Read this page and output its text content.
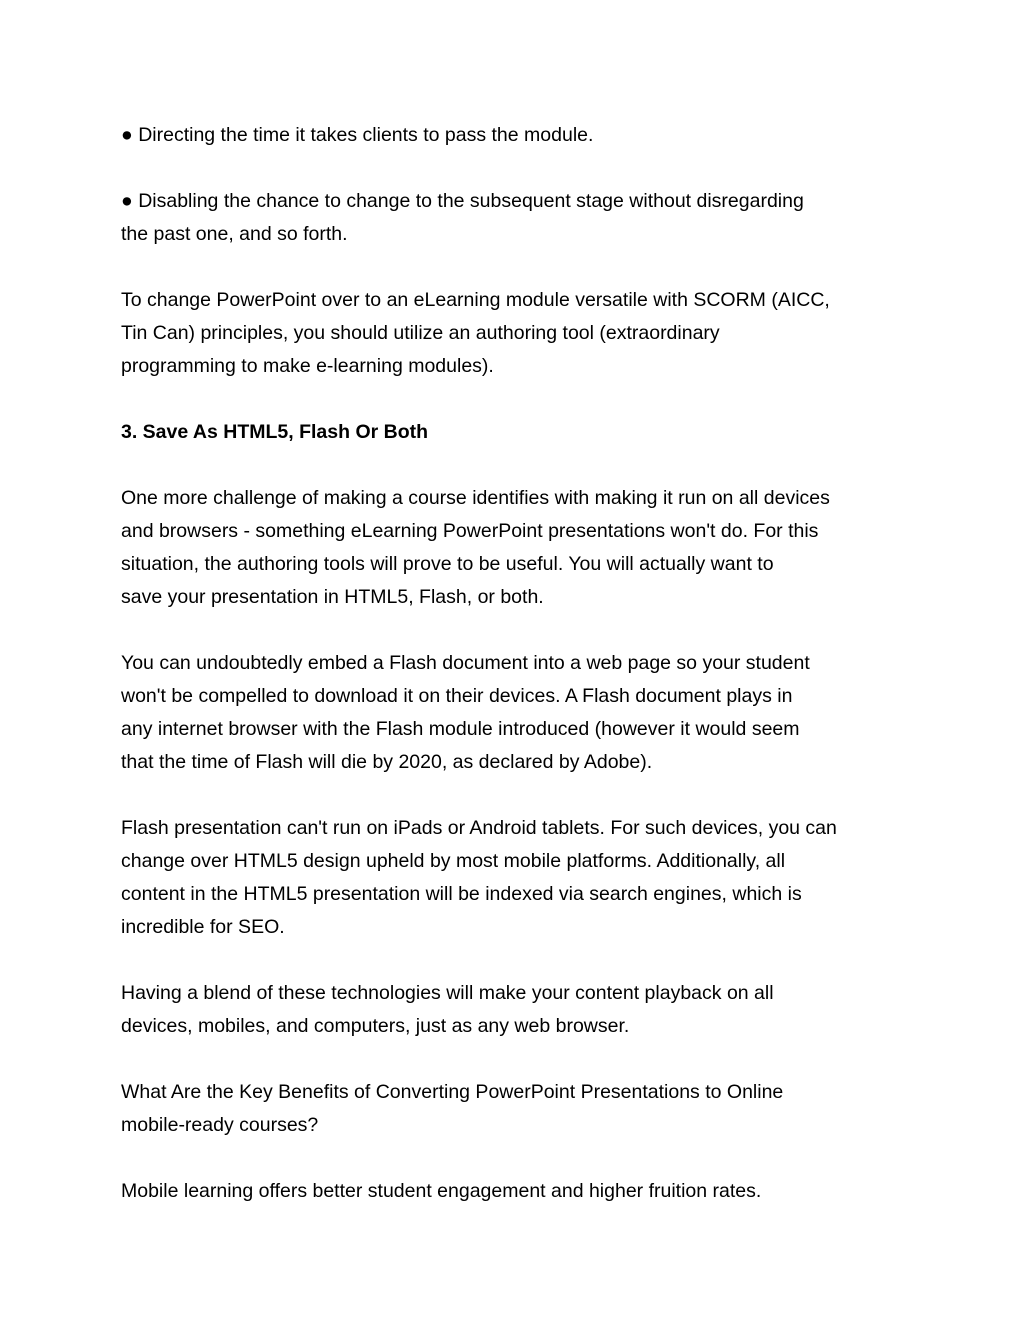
● Directing the time it takes clients to pass the module.

● Disabling the chance to change to the subsequent stage without disregarding
the past one, and so forth.

To change PowerPoint over to an eLearning module versatile with SCORM (AICC,
Tin Can) principles, you should utilize an authoring tool (extraordinary
programming to make e-learning modules).

3. Save As HTML5, Flash Or Both

One more challenge of making a course identifies with making it run on all devices
and browsers - something eLearning PowerPoint presentations won't do. For this
situation, the authoring tools will prove to be useful. You will actually want to
save your presentation in HTML5, Flash, or both.

You can undoubtedly embed a Flash document into a web page so your student
won't be compelled to download it on their devices. A Flash document plays in
any internet browser with the Flash module introduced (however it would seem
that the time of Flash will die by 2020, as declared by Adobe).

Flash presentation can't run on iPads or Android tablets. For such devices, you can
change over HTML5 design upheld by most mobile platforms. Additionally, all
content in the HTML5 presentation will be indexed via search engines, which is
incredible for SEO.

Having a blend of these technologies will make your content playback on all
devices, mobiles, and computers, just as any web browser.

What Are the Key Benefits of Converting PowerPoint Presentations to Online
mobile-ready courses?

Mobile learning offers better student engagement and higher fruition rates.
